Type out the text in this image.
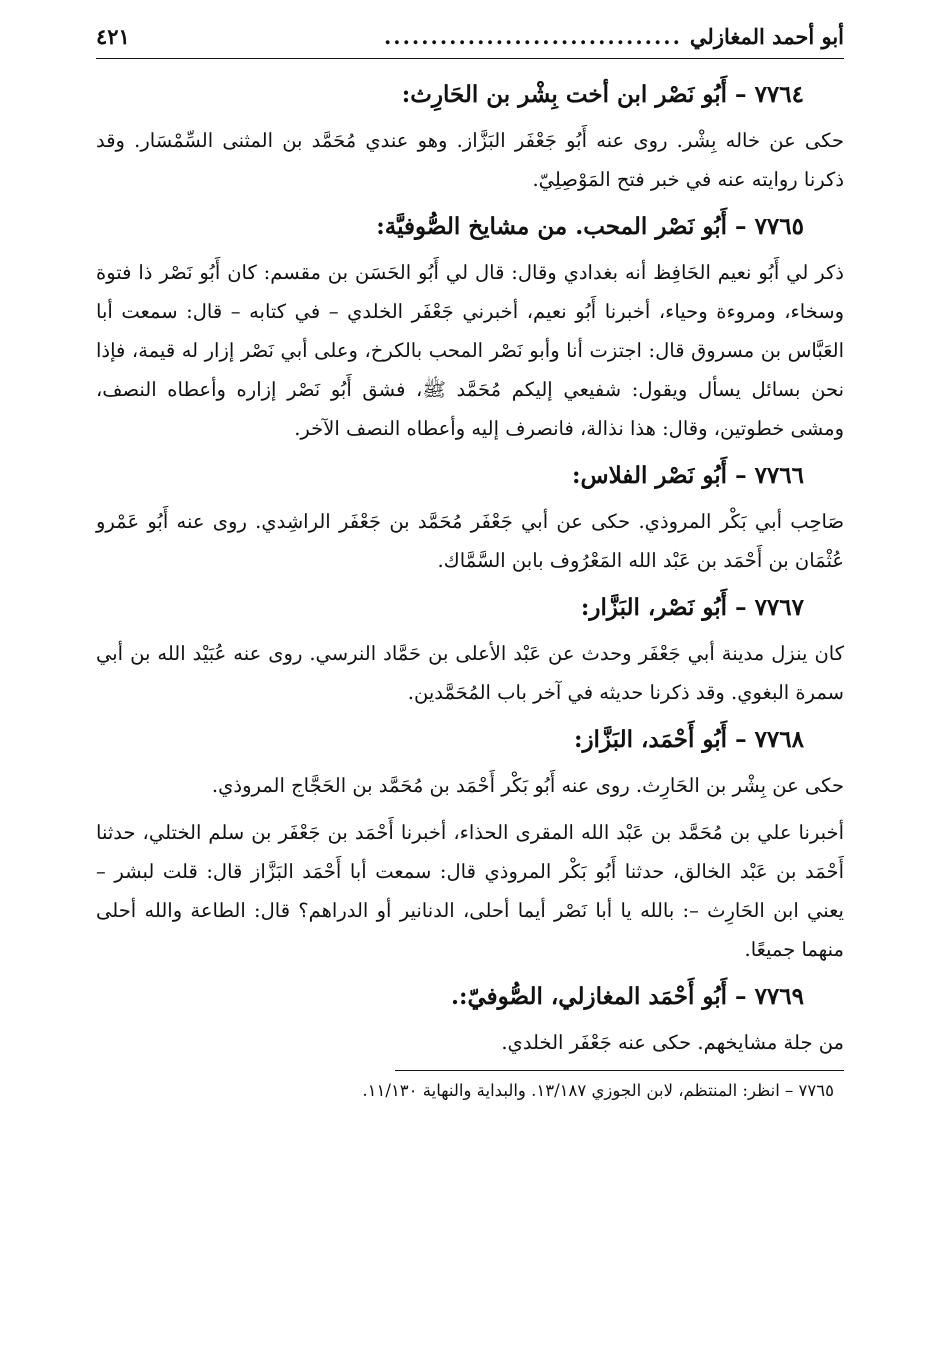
أبو أحمد المغازلي
................................
٤٢١
٧٧٦٤ – أَبُو نَصْر ابن أخت بِشْر بن الحَارِث:

حكى عن خاله بِشْر. روى عنه أَبُو جَعْفَر البَزَّاز. وهو عندي مُحَمَّد بن المثنى السِّمْسَار. وقد ذكرنا روايته عنه في خبر فتح المَوْصِلِيّ.

٧٧٦٥ – أَبُو نَصْر المحب. من مشايخ الصُّوفيَّة:

ذكر لي أَبُو نعيم الحَافِظ أنه بغدادي وقال: قال لي أَبُو الحَسَن بن مقسم: كان أَبُو نَصْر ذا فتوة وسخاء، ومروءة وحياء، أخبرنا أَبُو نعيم، أخبرني جَعْفَر الخلدي – في كتابه – قال: سمعت أبا العَبَّاس بن مسروق قال: اجتزت أنا وأبو نَصْر المحب بالكرخ، وعلى أبي نَصْر إزار له قيمة، فإذا نحن بسائل يسأل ويقول: شفيعي إليكم مُحَمَّد ﷺ، فشق أَبُو نَصْر إزاره وأعطاه النصف، ومشى خطوتين، وقال: هذا نذالة، فانصرف إليه وأعطاه النصف الآخر.

٧٧٦٦ – أَبُو نَصْر الفلاس:

صَاحِب أبي بَكْر المروذي. حكى عن أبي جَعْفَر مُحَمَّد بن جَعْفَر الراشِدي. روى عنه أَبُو عَمْرو عُثْمَان بن أَحْمَد بن عَبْد الله المَعْرُوف بابن السَّمَّاك.

٧٧٦٧ – أَبُو نَصْر، البَزَّار:

كان ينزل مدينة أبي جَعْفَر وحدث عن عَبْد الأعلى بن حَمَّاد النرسي. روى عنه عُبَيْد الله بن أبي سمرة البغوي. وقد ذكرنا حديثه في آخر باب المُحَمَّدين.

٧٧٦٨ – أَبُو أَحْمَد، البَزَّاز:

حكى عن بِشْر بن الحَارِث. روى عنه أَبُو بَكْر أَحْمَد بن مُحَمَّد بن الحَجَّاج المروذي.

أخبرنا علي بن مُحَمَّد بن عَبْد الله المقرى الحذاء، أخبرنا أَحْمَد بن جَعْفَر بن سلم الختلي، حدثنا أَحْمَد بن عَبْد الخالق، حدثنا أَبُو بَكْر المروذي قال: سمعت أبا أَحْمَد البَزَّاز قال: قلت لبشر – يعني ابن الحَارِث –: بالله يا أبا نَصْر أيما أحلى، الدنانير أو الدراهم؟ قال: الطاعة والله أحلى منهما جميعًا.

٧٧٦٩ – أَبُو أَحْمَد المغازلي، الصُّوفيّ:.

من جلة مشايخهم. حكى عنه جَعْفَر الخلدي.

٧٧٦٥ – انظر: المنتظم، لابن الجوزي ١٣/١٨٧. والبداية والنهاية ١١/١٣٠.
